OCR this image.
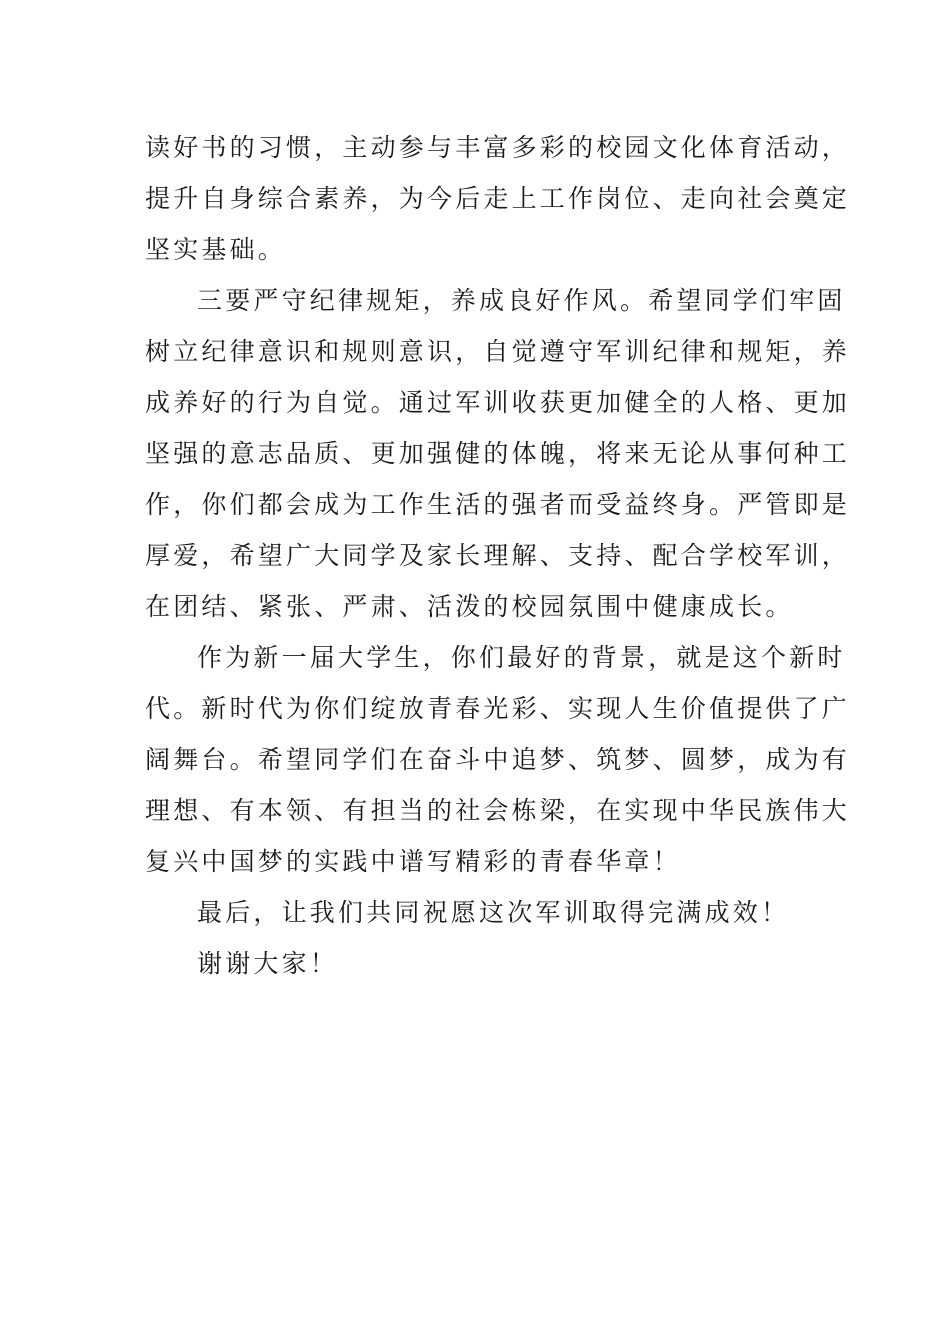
读好书的习惯，主动参与丰富多彩的校园文化体育活动，
提升自身综合素养，为今后走上工作岗位、走向社会奠定
坚实基础。
三要严守纪律规矩，养成良好作风。希望同学们牢固
树立纪律意识和规则意识，自觉遵守军训纪律和规矩，养
成养好的行为自觉。通过军训收获更加健全的人格、更加
坚强的意志品质、更加强健的体魄，将来无论从事何种工
作，你们都会成为工作生活的强者而受益终身。严管即是
厚爱，希望广大同学及家长理解、支持、配合学校军训，
在团结、紧张、严肃、活泼的校园氛围中健康成长。
作为新一届大学生，你们最好的背景，就是这个新时
代。新时代为你们绽放青春光彩、实现人生价值提供了广
阔舞台。希望同学们在奋斗中追梦、筑梦、圆梦，成为有
理想、有本领、有担当的社会栋梁，在实现中华民族伟大
复兴中国梦的实践中谱写精彩的青春华章！
最后，让我们共同祝愿这次军训取得完满成效！
谢谢大家！
